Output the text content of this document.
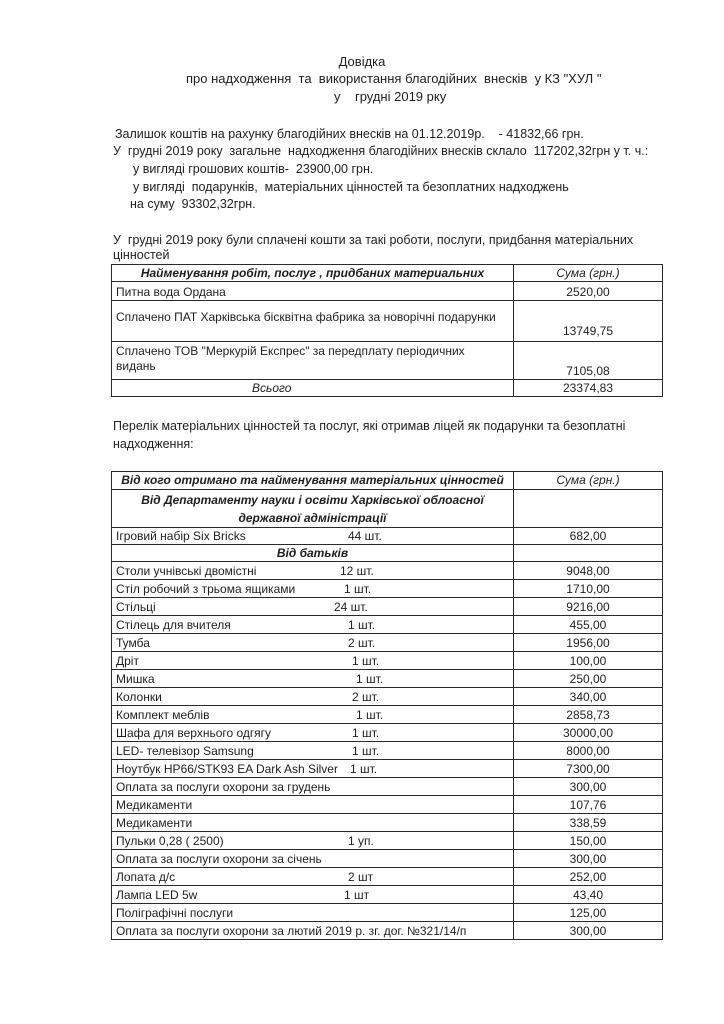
Довідка
про надходження  та  використання благодійних  внесків  у КЗ "ХУЛ "
у    грудні 2019 рку
Залишок коштів на рахунку благодійних внесків на 01.12.2019р.    - 41832,66 грн.
У  грудні 2019 року  загальне  надходження благодійних внесків склало  117202,32грн у т. ч.:
у вигляді грошових коштів-  23900,00 грн.
у вигляді  подарунків,  матеріальних цінностей та безоплатних надходжень
на суму  93302,32грн.
У  грудні 2019 року були сплачені кошти за такі роботи, послуги, придбання матеріальних
цінностей
Найменування робіт, послуг , придбаних материальних	Сума (грн.)
Питна вода Ордана	2520,00
Сплачено ПАТ Харківська бісквітна фабрика за новорічні подарунки	13749,75

Сплачено ТОВ "Меркурій Експрес" за передплату періодичних
видань	7105,08
Всього	23374,83
Перелік матеріальних цінностей та послуг, які отримав ліцей як подарунки та безоплатні
надходження:
Від кого отримано та найменування матеріальних цінностей	Сума (грн.)

Від Департаменту науки і освіти Харківської облоасної
державної адміністрації	

Ігровий набір Six Bricks 44 шт.	682,00
Від батьків	
Столи учнівські двомістні 12 шт.	9048,00
Стіл робочий з трьома ящиками 1 шт.	1710,00
Стільці 24 шт.	9216,00
Стілець для вчителя 1 шт.	455,00
Тумба 2 шт.	1956,00
Дріт 1 шт.	100,00
Мишка 1 шт.	250,00
Колонки 2 шт.	340,00
Комплект меблів 1 шт.	2858,73
Шафа для верхнього одгягу 1 шт.	30000,00
LED- телевізор Samsung 1 шт.	8000,00
Ноутбук HP66/STK93 EA Dark Ash Silver 1 шт.	7300,00
Оплата за послуги охорони за грудень	300,00
Медикаменти	107,76
Медикаменти	338,59
Пульки 0,28 ( 2500) 1 уп.	150,00
Оплата за послуги охорони за січень	300,00
Лопата д/с 2 шт	252,00
Лампа LED 5w 1 шт	43,40
Поліграфічні послуги	125,00
Оплата за послуги охорони за лютий 2019 р. зг. дог. №321/14/п	300,00
